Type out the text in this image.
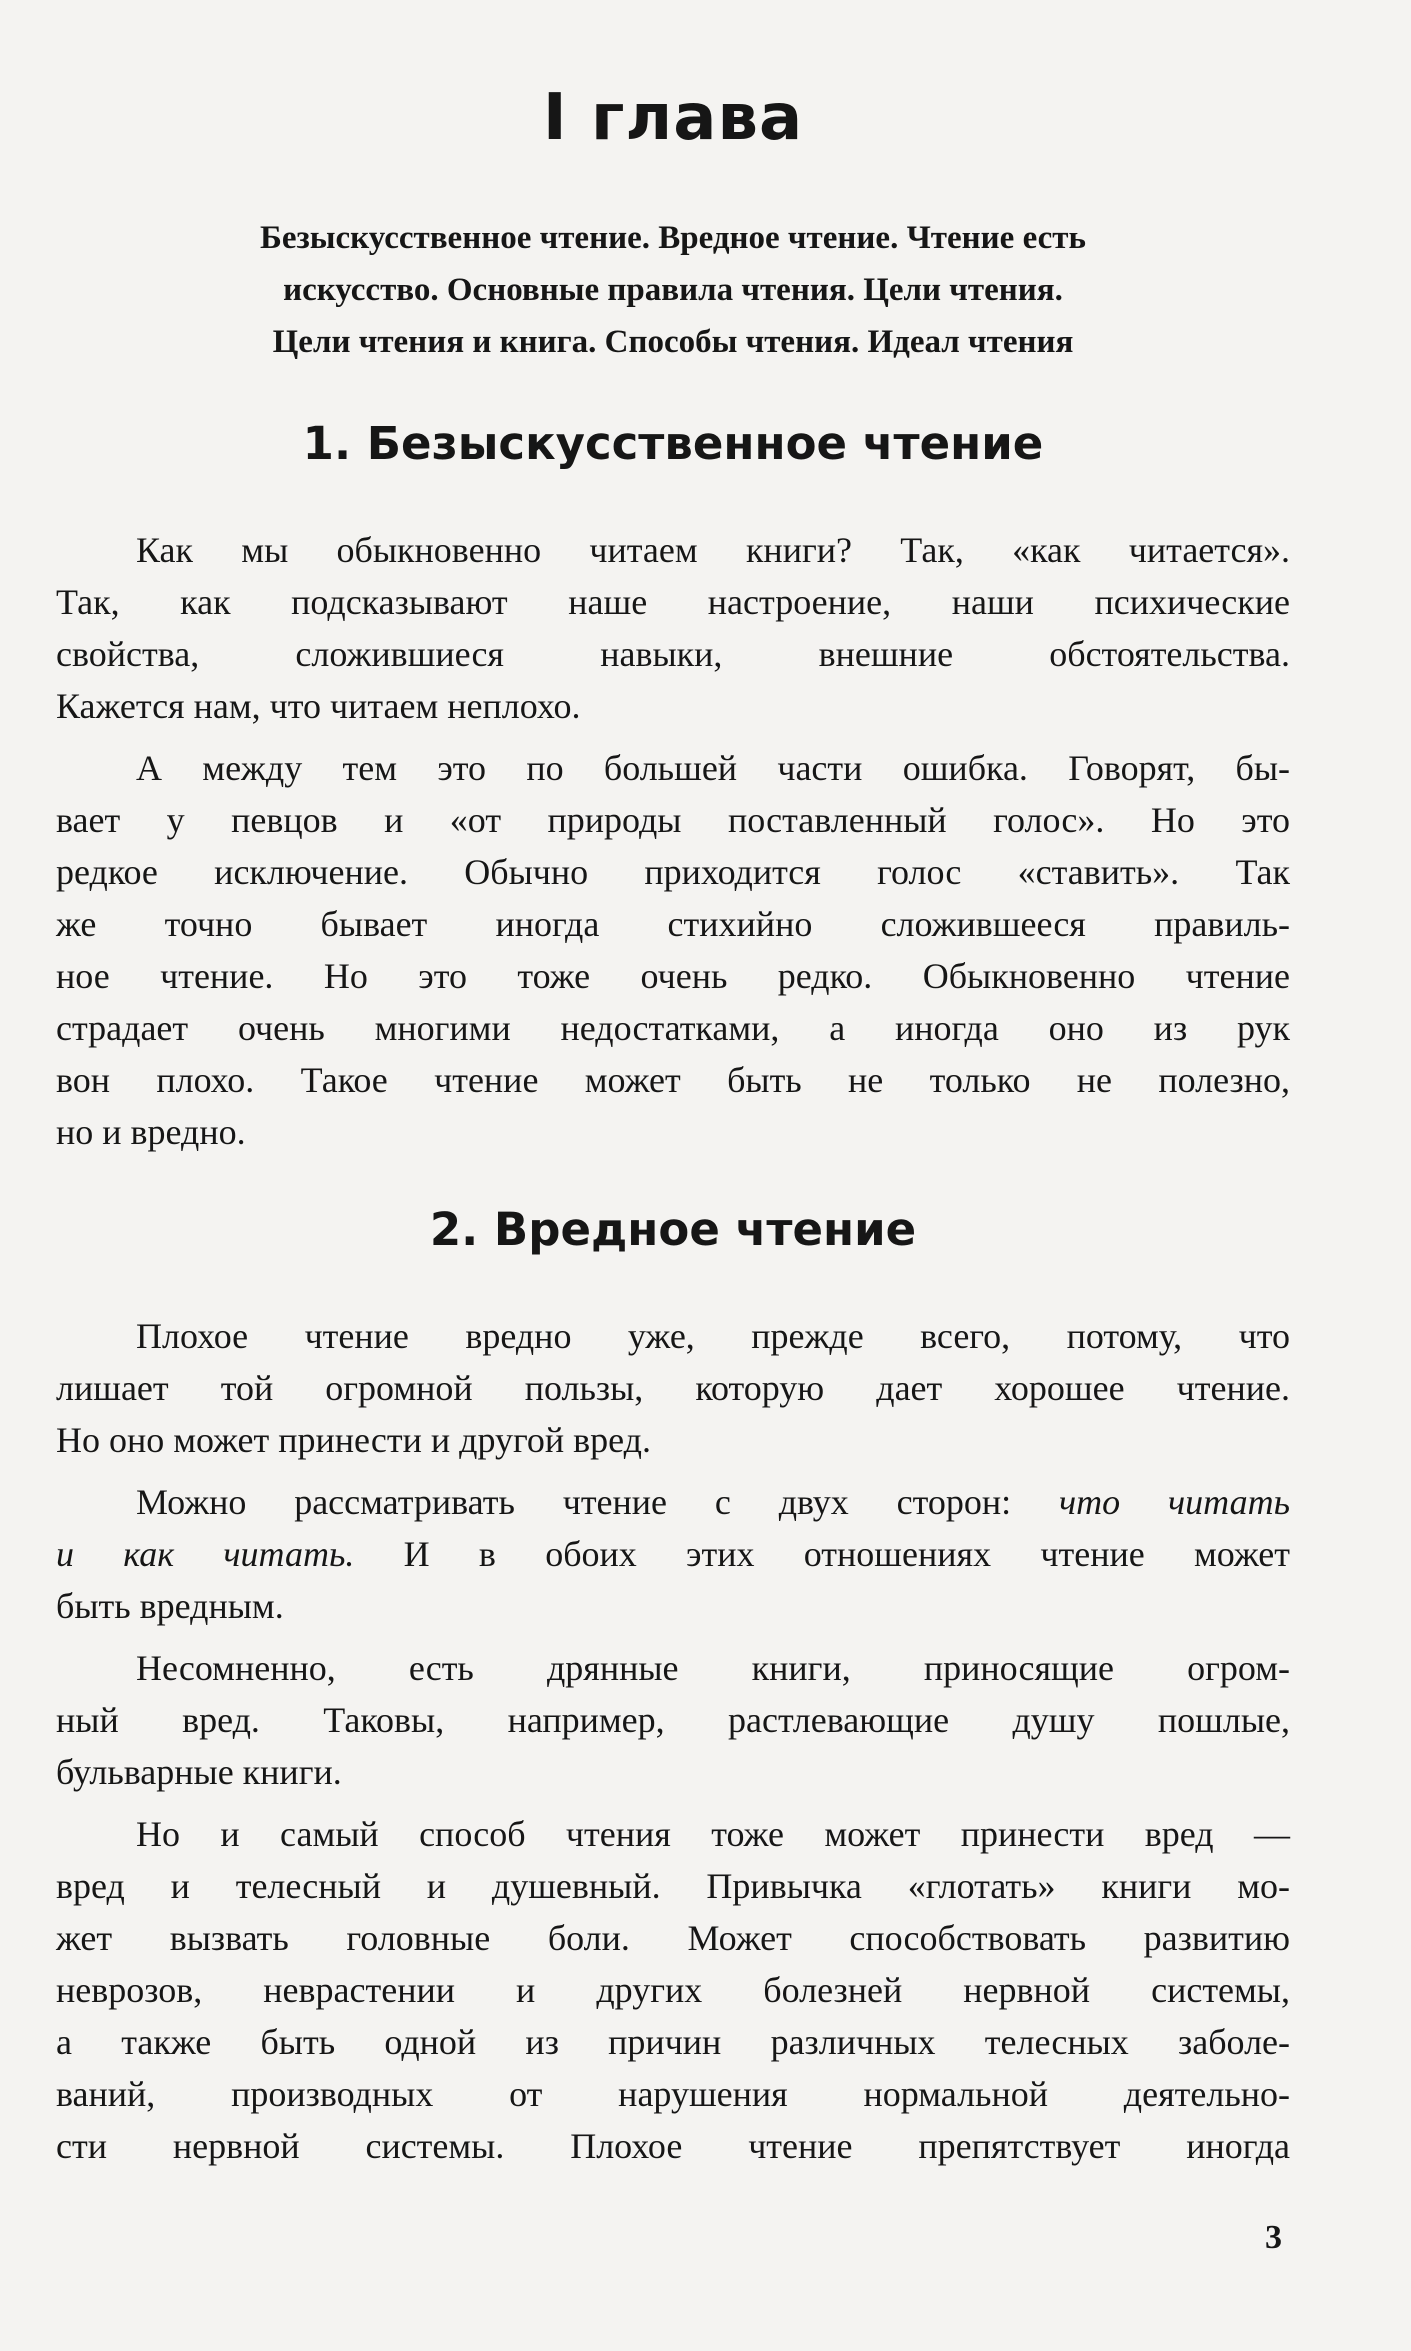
I глава
Безыскусственное чтение. Вредное чтение. Чтение есть
искусство. Основные правила чтения. Цели чтения.
Цели чтения и книга. Способы чтения. Идеал чтения
1. Безыскусственное чтение
Как мы обыкновенно читаем книги? Так, «как читается».
Так, как подсказывают наше настроение, наши психические
свойства, сложившиеся навыки, внешние обстоятельства.
Кажется нам, что читаем неплохо.
А между тем это по большей части ошибка. Говорят, бы-
вает у певцов и «от природы поставленный голос». Но это
редкое исключение. Обычно приходится голос «ставить». Так
же точно бывает иногда стихийно сложившееся правиль-
ное чтение. Но это тоже очень редко. Обыкновенно чтение
страдает очень многими недостатками, а иногда оно из рук
вон плохо. Такое чтение может быть не только не полезно,
но и вредно.
2. Вредное чтение
Плохое чтение вредно уже, прежде всего, потому, что
лишает той огромной пользы, которую дает хорошее чтение.
Но оно может принести и другой вред.
Можно рассматривать чтение с двух сторон: что читать
и как читать. И в обоих этих отношениях чтение может
быть вредным.
Несомненно, есть дрянные книги, приносящие огром-
ный вред. Таковы, например, растлевающие душу пошлые,
бульварные книги.
Но и самый способ чтения тоже может принести вред —
вред и телесный и душевный. Привычка «глотать» книги мо-
жет вызвать головные боли. Может способствовать развитию
неврозов, неврастении и других болезней нервной системы,
а также быть одной из причин различных телесных заболе-
ваний, производных от нарушения нормальной деятельно-
сти нервной системы. Плохое чтение препятствует иногда
3
